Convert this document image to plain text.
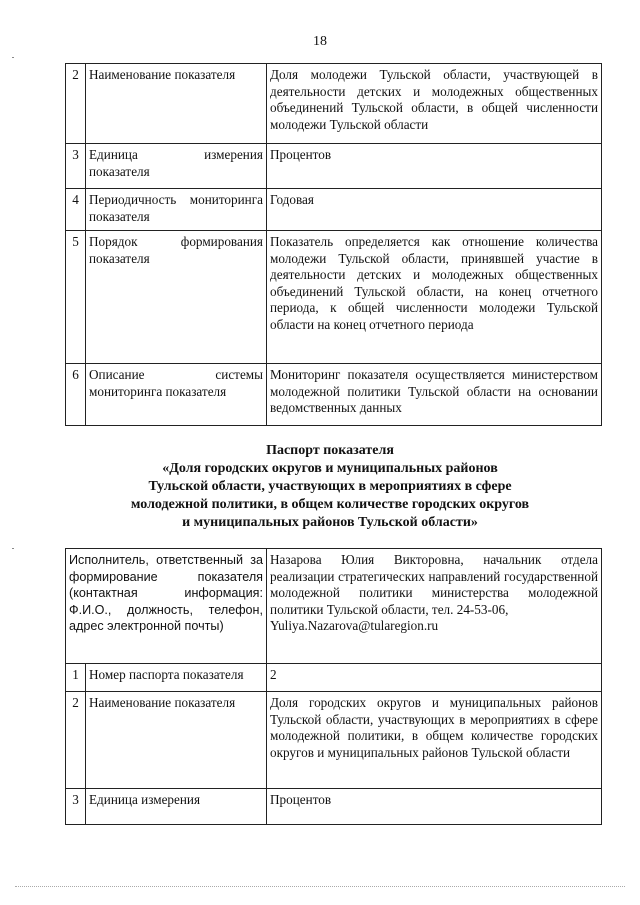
18
2	Наименование показателя	Доля молодежи Тульской области, участвующей в деятельности детских и молодежных общественных объединений Тульской области, в общей численности молодежи Тульской области
3	Единица измерения показателя	Процентов
4	Периодичность мониторинга показателя	Годовая
5	Порядок формирования показателя	Показатель определяется как отношение количества молодежи Тульской области, принявшей участие в деятельности детских и молодежных общественных объединений Тульской области, на конец отчетного периода, к общей численности молодежи Тульской области на конец отчетного периода
6	Описание системы мониторинга показателя	Мониторинг показателя осуществляется министерством молодежной политики Тульской области на основании ведомственных данных
Паспорт показателя
«Доля городских округов и муниципальных районов
Тульской области, участвующих в мероприятиях в сфере
молодежной политики, в общем количестве городских округов
и муниципальных районов Тульской области»
Исполнитель, ответственный за формирование показателя (контактная информация: Ф.И.О., должность, телефон, адрес электронной почты)		Назарова Юлия Викторовна, начальник отдела реализации стратегических направлений государственной молодежной политики министерства молодежной политики Тульской области, тел. 24-53-06,
Yuliya.Nazarova@tularegion.ru
1	Номер паспорта показателя	2
2	Наименование показателя	Доля городских округов и муниципальных районов Тульской области, участвующих в мероприятиях в сфере молодежной политики, в общем количестве городских округов и муниципальных районов Тульской области
3	Единица измерения	Процентов
